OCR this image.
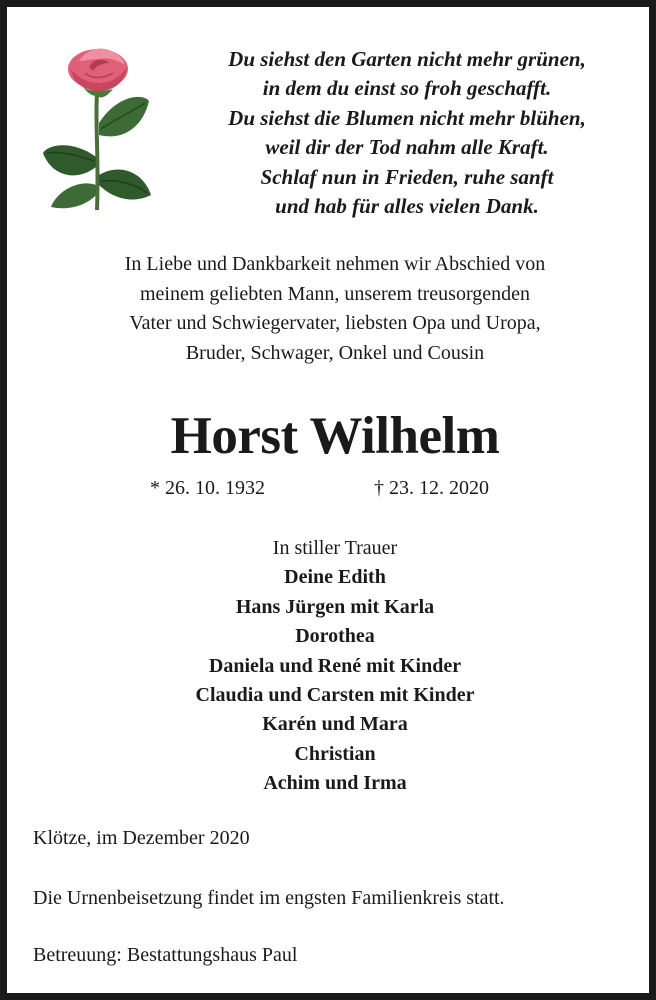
Du siehst den Garten nicht mehr grünen,
in dem du einst so froh geschafft.
Du siehst die Blumen nicht mehr blühen,
weil dir der Tod nahm alle Kraft.
Schlaf nun in Frieden, ruhe sanft
und hab für alles vielen Dank.
In Liebe und Dankbarkeit nehmen wir Abschied von
meinem geliebten Mann, unserem treusorgenden
Vater und Schwiegervater, liebsten Opa und Uropa,
Bruder, Schwager, Onkel und Cousin
Horst Wilhelm
* 26. 10. 1932	† 23. 12. 2020
In stiller Trauer
Deine Edith
Hans Jürgen mit Karla
Dorothea
Daniela und René mit Kinder
Claudia und Carsten mit Kinder
Karén und Mara
Christian
Achim und Irma
Klötze, im Dezember 2020
Die Urnenbeisetzung findet im engsten Familienkreis statt.
Betreuung: Bestattungshaus Paul
